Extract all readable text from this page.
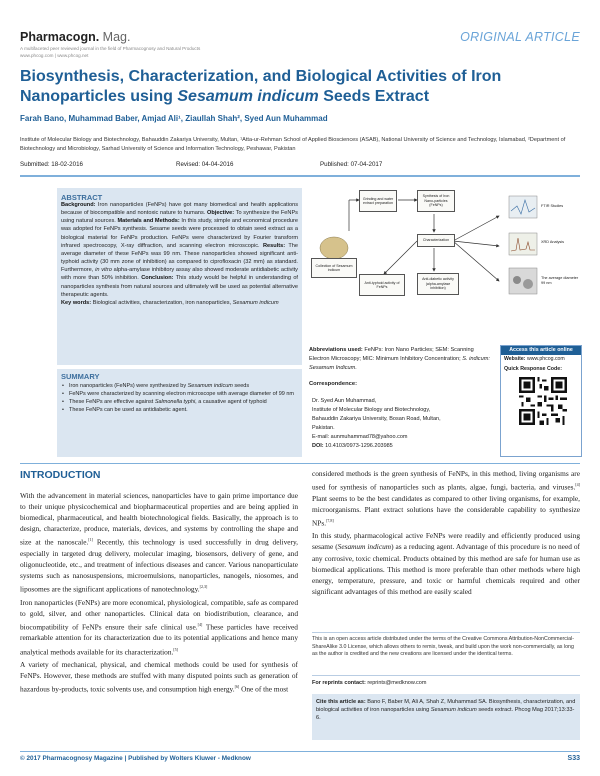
Pharmacogn. Mag.
A multifaceted peer reviewed journal in the field of Pharmacognosy and Natural Products
www.phcog.com | www.phcog.net
ORIGINAL ARTICLE
Biosynthesis, Characterization, and Biological Activities of Iron Nanoparticles using Sesamum indicum Seeds Extract
Farah Bano, Muhammad Baber, Amjad Ali¹, Ziaullah Shah², Syed Aun Muhammad
Institute of Molecular Biology and Biotechnology, Bahauddin Zakariya University, Multan, ¹Atta-ur-Rehman School of Applied Biosciences (ASAB), National University of Science and Technology, Islamabad, ²Department of Biotechnology and Microbiology, Sarhad University of Science and Information Technology, Peshawar, Pakistan
Submitted: 18-02-2016	Revised: 04-04-2016	Published: 07-04-2017
ABSTRACT
Background: Iron nanoparticles (FeNPs) have got many biomedical and health applications because of biocompatible and nontoxic nature to humans. Objective: To synthesize the FeNPs using natural sources. Materials and Methods: In this study, simple and economical procedure was adopted for FeNPs synthesis. Sesame seeds were processed to obtain seed extract as a biological material for FeNPs production. FeNPs were characterized by Fourier transform infrared spectroscopy, X-ray diffraction, and scanning electron microscopic. Results: The average diameter of these FeNPs was 99 nm. These nanoparticles showed significant anti-typhoid activity (30 mm zone of inhibition) as compared to ciprofloxacin (32 mm) as standard. Furthermore, in vitro alpha-amylase inhibitory assay also showed moderate antidiabetic activity with more than 50% inhibition. Conclusion: This study would be helpful in understanding of nanoparticles synthesis from natural sources and ultimately will be used as potential alternative therapeutic agents.
Key words: Biological activities, characterization, iron nanoparticles, Sesamum indicum
SUMMARY
• Iron nanoparticles (FeNPs) were synthesized by Sesamum indicum seeds
• FeNPs were characterized by scanning electron microscope with average diameter of 99 nm
• These FeNPs are effective against Salmonella typhi, a causative agent of typhoid
• These FeNPs can be used as antidiabetic agent.
Collection of Sesamum indicum
Grinding and water extract preparation
Synthesis of Iron Nano-particles (FeNPs)
Characterization
Anti-typhoid activity of FeNPs
Anti-diabetic activity (alpha-amylase inhibition)
FTIR Studies
XRD Analysis
The average diameter 99 nm
Abbreviations used: FeNPs: Iron Nano Particles; SEM: Scanning Electron Microscopy; MIC: Minimum Inhibitory Concentration; S. indicum: Sesamum Indicum.
Correspondence:
Dr. Syed Aun Muhammad,
Institute of Molecular Biology and Biotechnology,
Bahauddin Zakariya University, Bosan Road, Multan,
Pakistan.
E-mail: aunmuhammad78@yahoo.com
DOI: 10.4103/0973-1296.203985
Access this article online
Website: www.phcog.com
Quick Response Code:
INTRODUCTION

With the advancement in material sciences, nanoparticles have to gain prime importance due to their unique physicochemical and biopharmaceutical properties and are being applied in biomedical, pharmaceutical, and health biotechnological fields. Basically, the approach is to design, characterize, produce, materials, devices, and systems by controlling the shape and size at the nanoscale.[1] Recently, this technology is used successfully in drug delivery, especially in targeted drug delivery, molecular imaging, biosensors, delivery of gene, and oligonucleotide, etc., and treatment of infectious diseases and cancer. Various nanoparticulate systems such as nanosuspensions, microemulsions, nanoparticles, nanogels, niosomes, and liposomes are the significant applications of nanotechnology.[2,3]

Iron nanoparticles (FeNPs) are more economical, physiological, compatible, safe as compared to gold, silver, and other nanoparticles. Clinical data on biodistribution, clearance, and biocompatibility of FeNPs ensure their safe clinical use.[4] These particles have received remarkable attention for its characterization due to its potential applications and hence many analytical methods available for its characterization.[5]

A variety of mechanical, physical, and chemical methods could be used for synthesis of FeNPs. However, these methods are stuffed with many disputed points such as generation of hazardous by-products, toxic solvents use, and consumption high energy.[6] One of the most

considered methods is the green synthesis of FeNPs, in this method, living organisms are used for synthesis of nanoparticles such as plants, algae, fungi, bacteria, and viruses.[4] Plant seems to be the best candidates as compared to other living organisms, for example, microorganisms. Plant extract solutions have the considerable capability to synthesize NPs.[7,8]

In this study, pharmacological active FeNPs were readily and efficiently produced using sesame (Sesamum indicum) as a reducing agent. Advantage of this procedure is no need of any corrosive, toxic chemical. Products obtained by this method are safe for human use as biomedical applications. This method is more preferable than other methods where high energy, temperature, pressure, and toxic or harmful chemicals required and other significant advantages of this method are easily scaled

This is an open access article distributed under the terms of the Creative Commons Attribution-NonCommercial-ShareAlike 3.0 License, which allows others to remix, tweak, and build upon the work non-commercially, as long as the author is credited and the new creations are licensed under the identical terms.
For reprints contact: reprints@medknow.com
Cite this article as: Bano F, Baber M, Ali A, Shah Z, Muhammad SA. Biosynthesis, characterization, and biological activities of iron nanoparticles using Sesamum indicum seeds extract. Phcog Mag 2017;13:33-6.
© 2017 Pharmacognosy Magazine | Published by Wolters Kluwer - Medknow	S33
